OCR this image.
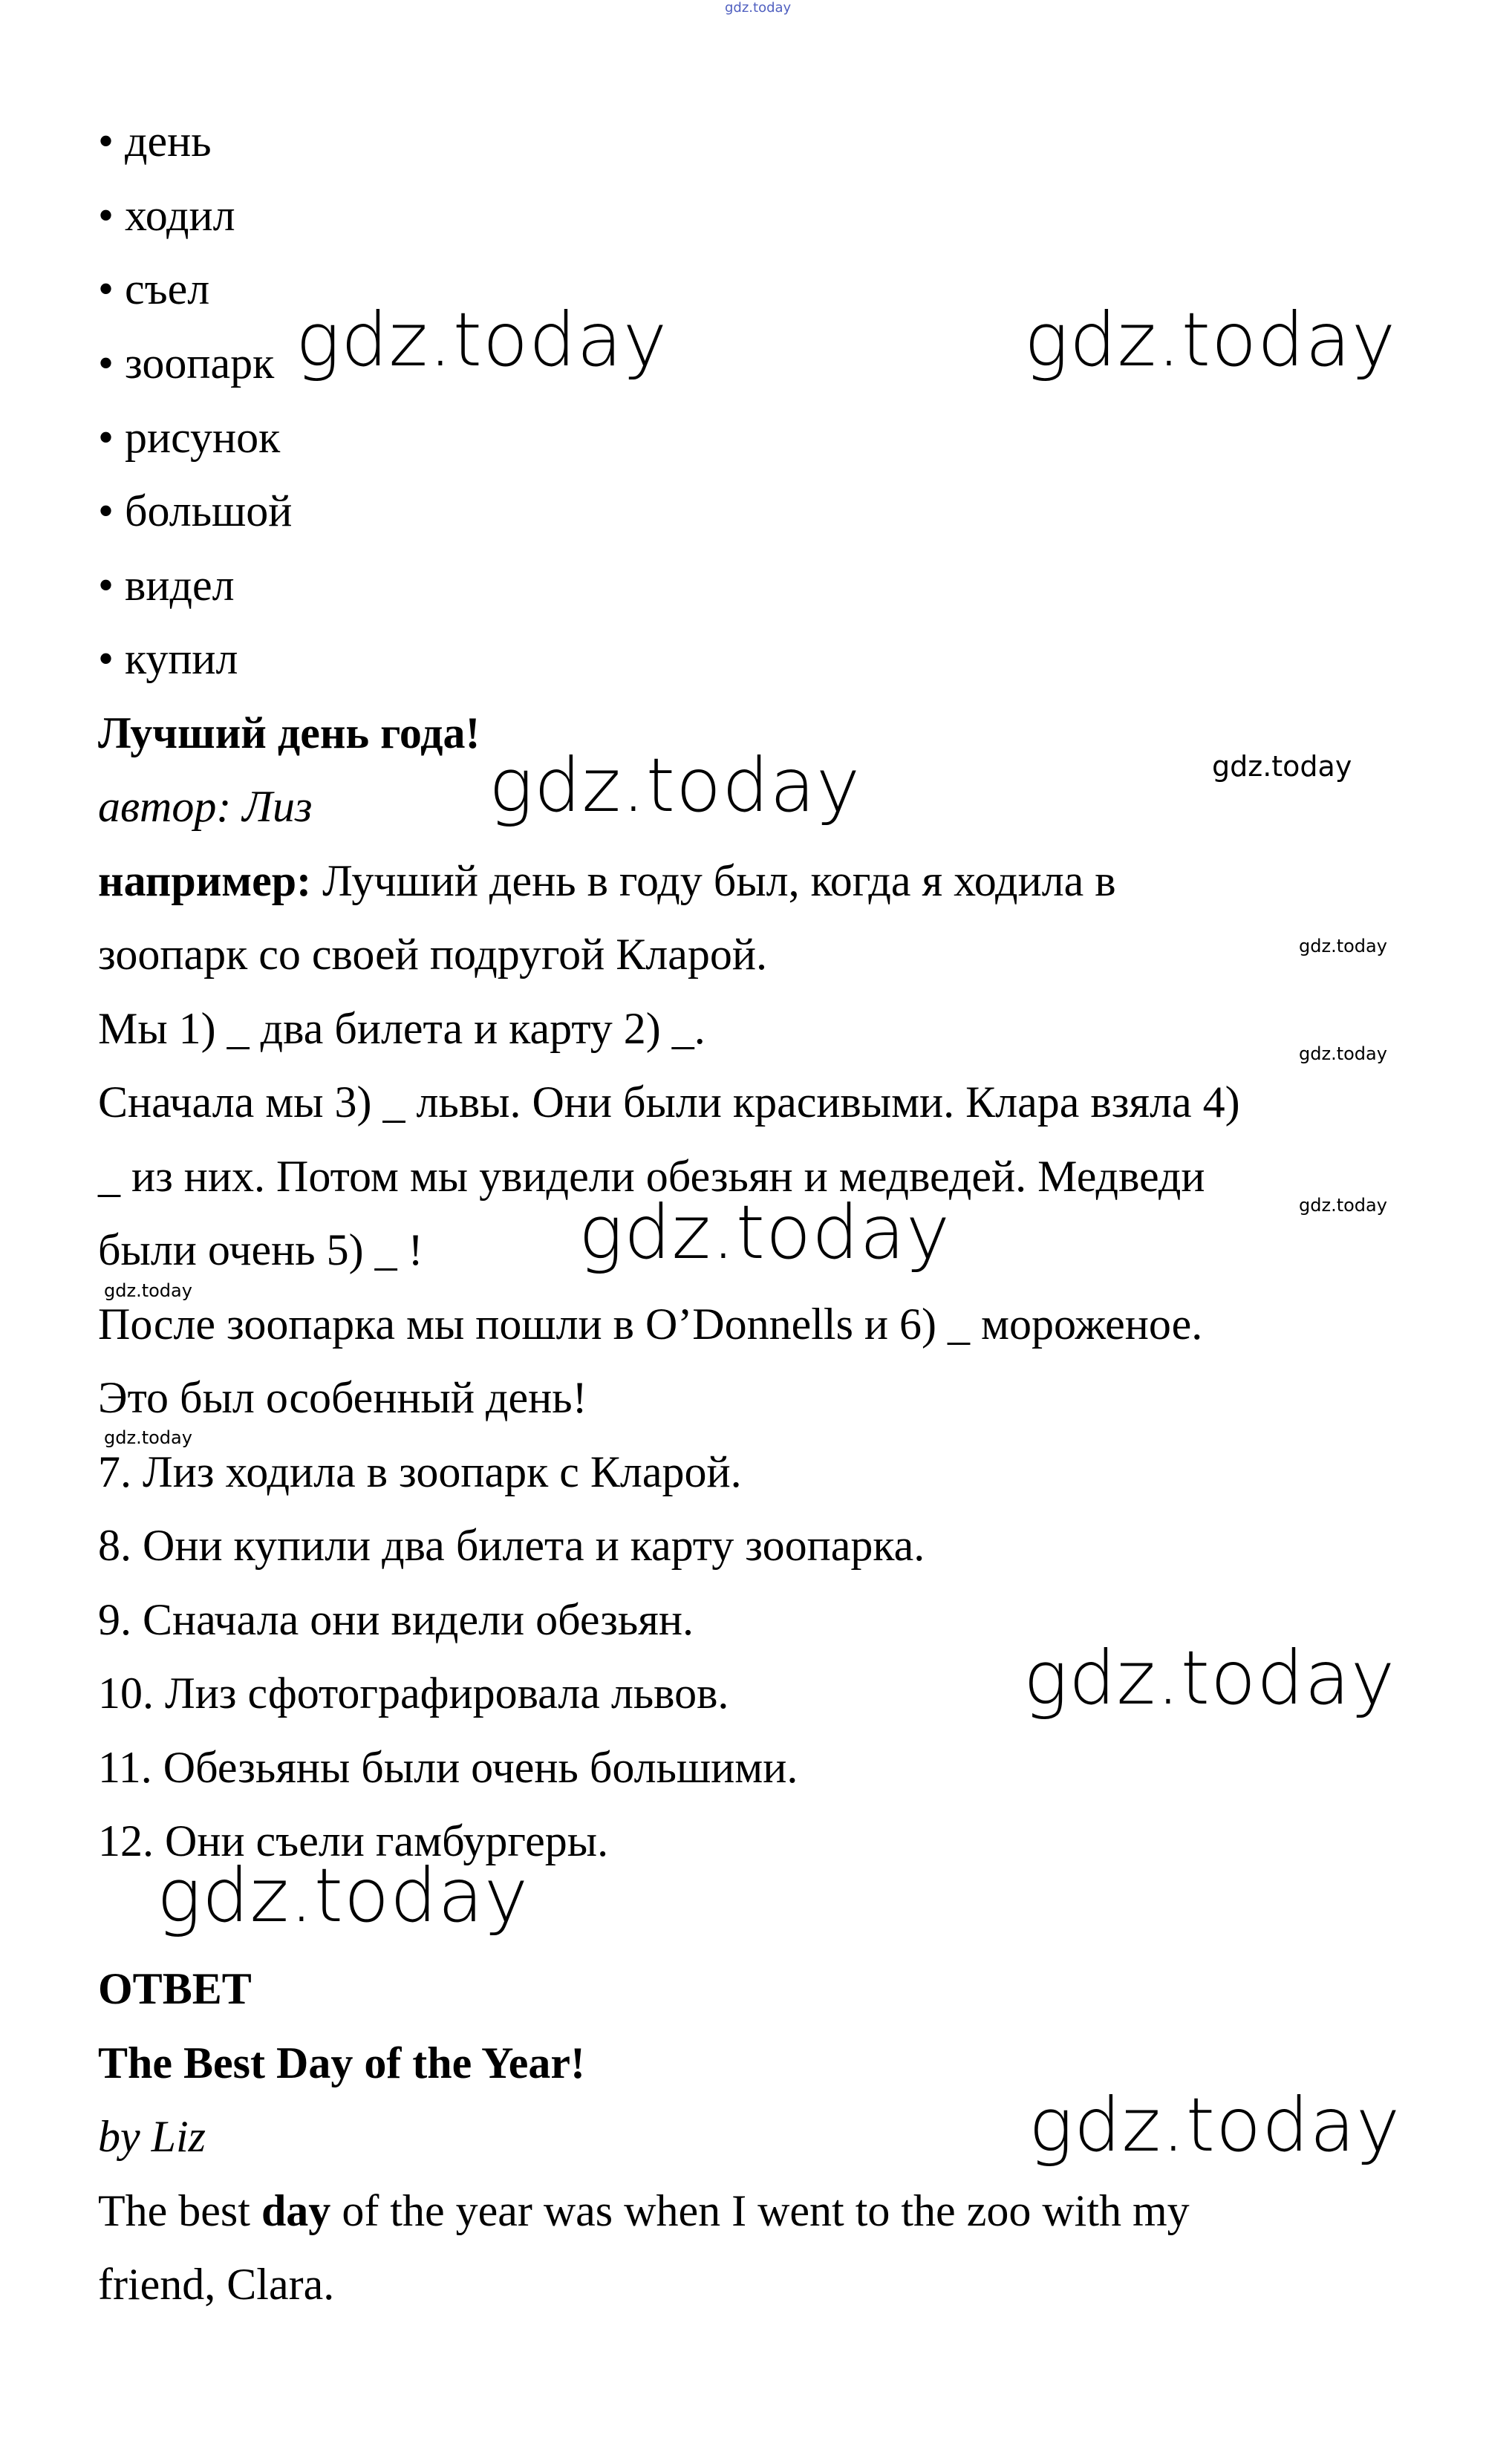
• день
• ходил
• съел
• зоопарк
• рисунок
• большой
• видел
• купил
Лучший день года!
автор: Лиз
например: Лучший день в году был, когда я ходила в
зоопарк со своей подругой Кларой.
Мы 1) _ два билета и карту 2) _.
Сначала мы 3) _ львы. Они были красивыми. Клара взяла 4)
_ из них. Потом мы увидели обезьян и медведей. Медведи
были очень 5) _ !
После зоопарка мы пошли в O’Donnells и 6) _ мороженое.
Это был особенный день!
7. Лиз ходила в зоопарк с Кларой.
8. Они купили два билета и карту зоопарка.
9. Сначала они видели обезьян.
10. Лиз сфотографировала львов.
11. Обезьяны были очень большими.
12. Они съели гамбургеры.
ОТВЕТ
The Best Day of the Year!
by Liz
The best day of the year was when I went to the zoo with my
friend, Clara.
gdz.today
gdz.today	gdz.today
gdz.today	gdz.today
gdz.today
gdz.today
gdz.today
gdz.today
gdz.today
gdz.today
gdz.today
gdz.today
gdz.today
